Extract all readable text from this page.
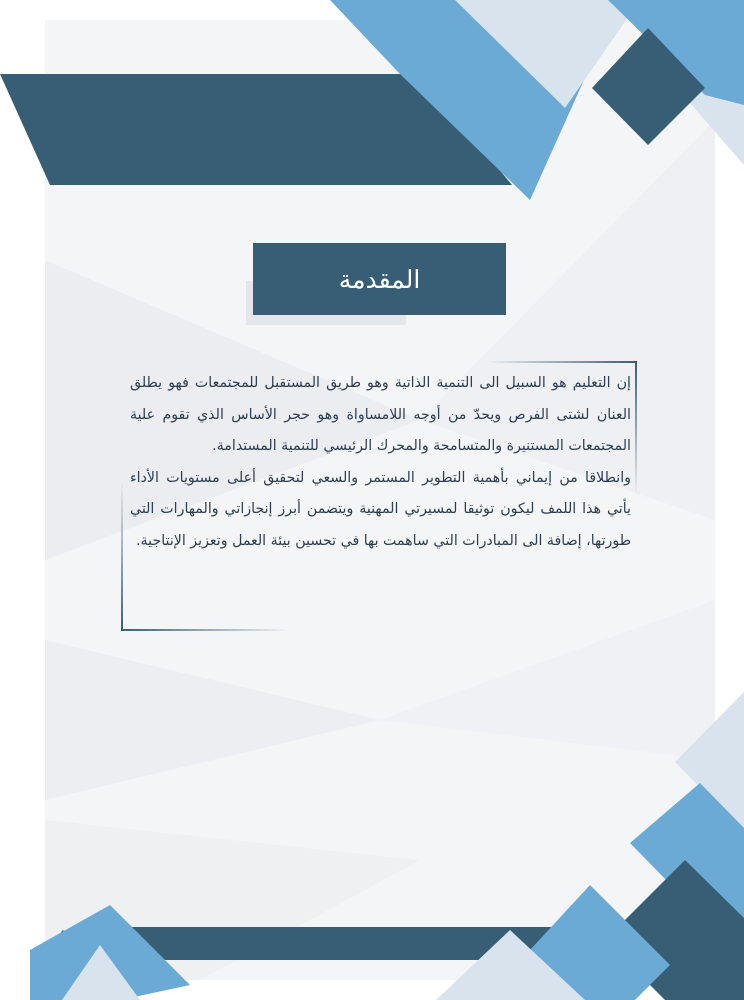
المقدمة

إن التعليم هو السبيل الى التنمية الذاتية وهو طريق المستقبل للمجتمعات فهو يطلق العنان لشتى الفرص ويحدّ من أوجه اللامساواة وهو حجر الأساس الذي تقوم علية المجتمعات المستنيرة والمتسامحة والمحرك الرئيسي للتنمية المستدامة.

وانطلاقا من إيماني بأهمية التطوير المستمر والسعي لتحقيق أعلى مستويات الأداء يأتي هذا اللمف ليكون توثيقا لمسيرتي المهنية ويتضمن أبرز إنجازاتي والمهارات التي طورتها، إضافة الى المبادرات التي ساهمت بها في تحسين بيئة العمل وتعزيز الإنتاجية.
